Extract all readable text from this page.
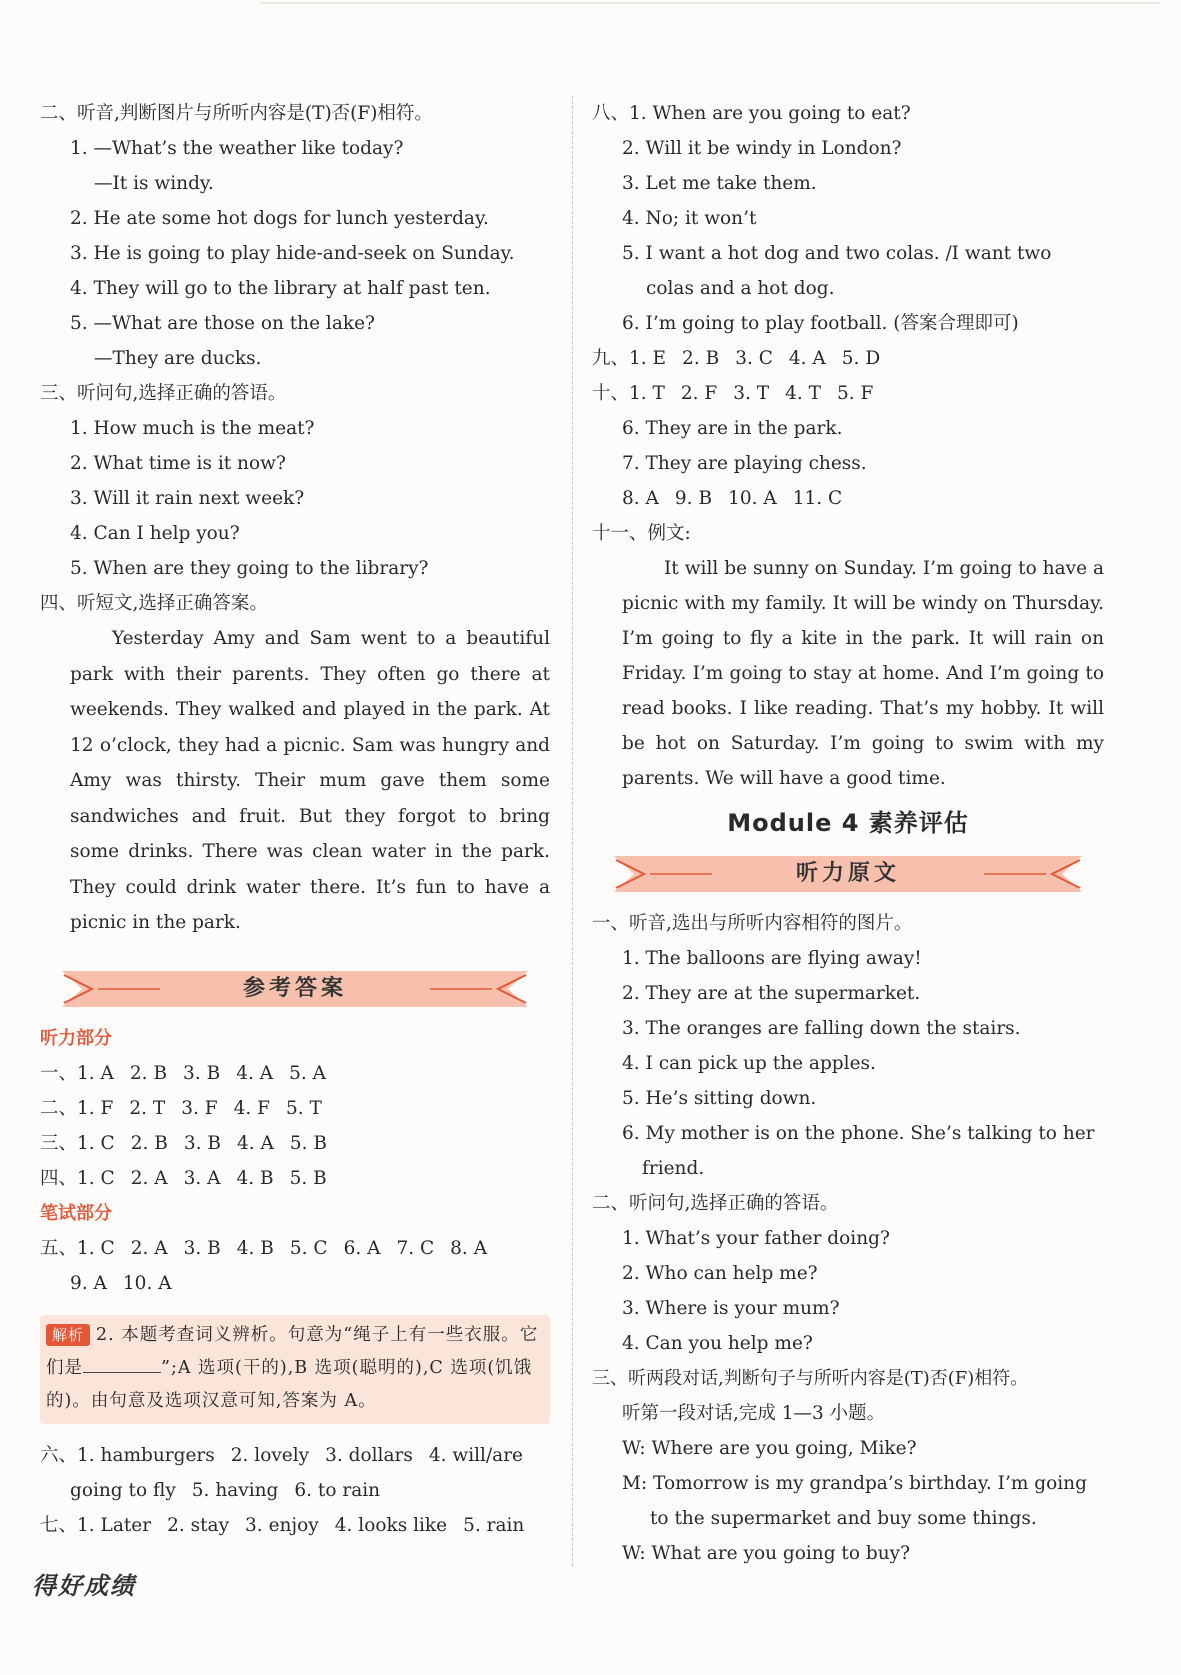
二、听音,判断图片与所听内容是(T)否(F)相符。
1. —What’s the weather like today?
—It is windy.
2. He ate some hot dogs for lunch yesterday.
3. He is going to play hide-and-seek on Sunday.
4. They will go to the library at half past ten.
5. —What are those on the lake?
—They are ducks.
三、听问句,选择正确的答语。
1. How much is the meat?
2. What time is it now?
3. Will it rain next week?
4. Can I help you?
5. When are they going to the library?
四、听短文,选择正确答案。
Yesterday Amy and Sam went to a beautiful park with their parents. They often go there at weekends. They walked and played in the park. At 12 o’clock, they had a picnic. Sam was hungry and Amy was thirsty. Their mum gave them some sandwiches and fruit. But they forgot to bring some drinks. There was clean water in the park. They could drink water there. It’s fun to have a picnic in the park.
参考答案
听力部分
一、1. A 2. B 3. B 4. A 5. A
二、1. F 2. T 3. F 4. F 5. T
三、1. C 2. B 3. B 4. A 5. B
四、1. C 2. A 3. A 4. B 5. B
笔试部分
五、1. C 2. A 3. B 4. B 5. C 6. A 7. C 8. A
9. A 10. A
解析 2. 本题考查词义辨析。句意为“绳子上有一些衣服。它们是	”;A 选项(干的),B 选项(聪明的),C 选项(饥饿的)。由句意及选项汉意可知,答案为 A。
六、1. hamburgers 2. lovely 3. dollars 4. will/are
going to fly 5. having 6. to rain
七、1. Later 2. stay 3. enjoy 4. looks like 5. rain
八、1. When are you going to eat?
2. Will it be windy in London?
3. Let me take them.
4. No; it won’t
5. I want a hot dog and two colas. /I want two
colas and a hot dog.
6. I’m going to play football. (答案合理即可)
九、1. E 2. B 3. C 4. A 5. D
十、1. T 2. F 3. T 4. T 5. F
6. They are in the park.
7. They are playing chess.
8. A 9. B 10. A 11. C
十一、例文:
It will be sunny on Sunday. I’m going to have a picnic with my family. It will be windy on Thursday. I’m going to fly a kite in the park. It will rain on Friday. I’m going to stay at home. And I’m going to read books. I like reading. That’s my hobby. It will be hot on Saturday. I’m going to swim with my parents. We will have a good time.
Module 4 素养评估
听力原文
一、听音,选出与所听内容相符的图片。
1. The balloons are flying away!
2. They are at the supermarket.
3. The oranges are falling down the stairs.
4. I can pick up the apples.
5. He’s sitting down.
6. My mother is on the phone. She’s talking to her
friend.
二、听问句,选择正确的答语。
1. What’s your father doing?
2. Who can help me?
3. Where is your mum?
4. Can you help me?
三、听两段对话,判断句子与所听内容是(T)否(F)相符。
听第一段对话,完成 1—3 小题。
W: Where are you going, Mike?
M: Tomorrow is my grandpa’s birthday. I’m going
to the supermarket and buy some things.
W: What are you going to buy?
得好成绩
